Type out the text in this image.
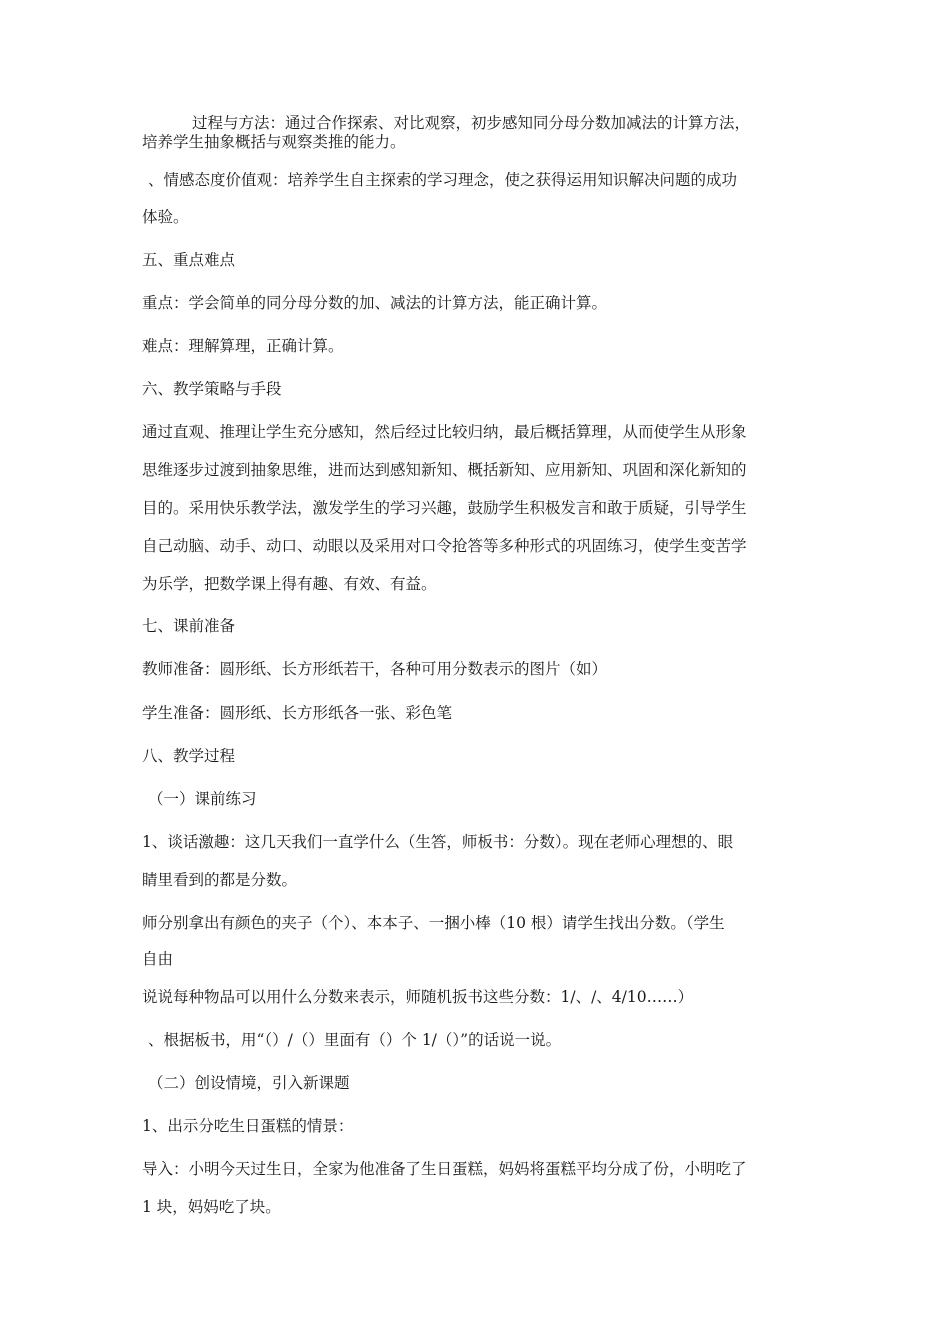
过程与方法：通过合作探索、对比观察，初步感知同分母分数加减法的计算方法，
培养学生抽象概括与观察类推的能力。
、情感态度价值观：培养学生自主探索的学习理念，使之获得运用知识解决问题的成功
体验。
五、重点难点
重点：学会简单的同分母分数的加、减法的计算方法，能正确计算。
难点：理解算理，正确计算。
六、教学策略与手段
通过直观、推理让学生充分感知，然后经过比较归纳，最后概括算理，从而使学生从形象
思维逐步过渡到抽象思维，进而达到感知新知、概括新知、应用新知、巩固和深化新知的
目的。采用快乐教学法，激发学生的学习兴趣，鼓励学生积极发言和敢于质疑，引导学生
自己动脑、动手、动口、动眼以及采用对口令抢答等多种形式的巩固练习，使学生变苦学
为乐学，把数学课上得有趣、有效、有益。
七、课前准备
教师准备：圆形纸、长方形纸若干，各种可用分数表示的图片（如）
学生准备：圆形纸、长方形纸各一张、彩色笔
八、教学过程
（一）课前练习
1、谈话激趣：这几天我们一直学什么（生答，师板书：分数）。现在老师心理想的、眼
睛里看到的都是分数。
师分别拿出有颜色的夹子（个）、本本子、一捆小棒（10 根）请学生找出分数。（学生
自由
说说每种物品可以用什么分数来表示，师随机扳书这些分数：1/、/、4/10……）
、根据板书，用“（）/（）里面有（）个 1/（）”的话说一说。
（二）创设情境，引入新课题
1、出示分吃生日蛋糕的情景：
导入：小明今天过生日，全家为他准备了生日蛋糕，妈妈将蛋糕平均分成了份，小明吃了
1 块，妈妈吃了块。
